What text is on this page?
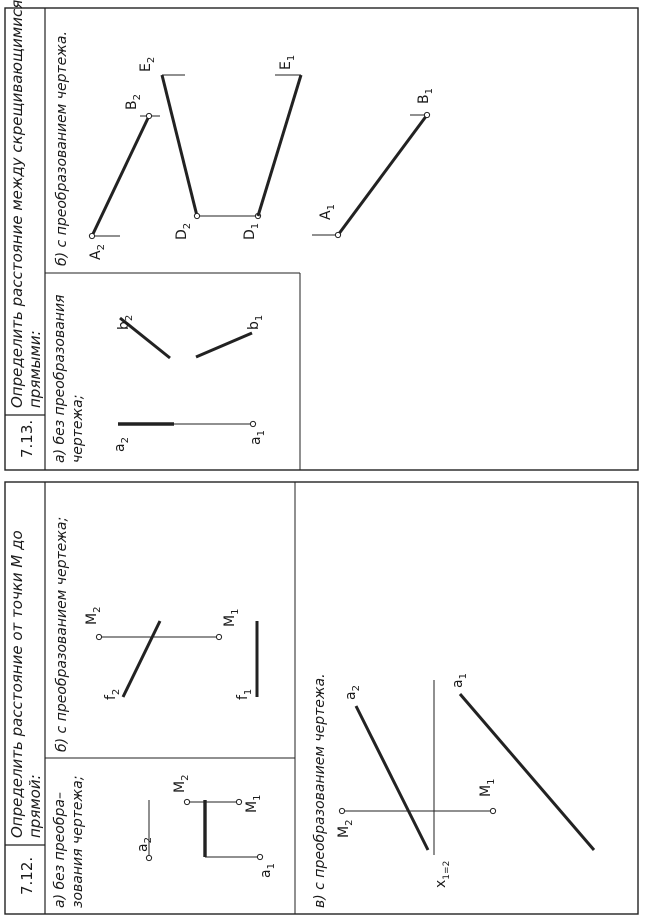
7.12.
Определить расстояние от точки М до прямой: а) без преобра– зования чертежа;
б) с преобразованием чертежа;
в) с преобразованием чертежа.
$a_2$
$a_1$
$M_2$
$M_1$
$M_2$
$M_1$
$f_2$
$f_1$
$M_2$
$M_1$
$a_2$
$a_1$
$x_{1=2}$
7.13.
Определить расстояние между скрещивающимися прямыми: а) без преобразования чертежа;
б) с преобразованием чертежа.
$a_2$	$a_1$
$b_2$
$b_1$
$A_2$
$B_2$
$E_2$
$D_2$
$D_1$
$E_1$
$A_1$
$B_1$
